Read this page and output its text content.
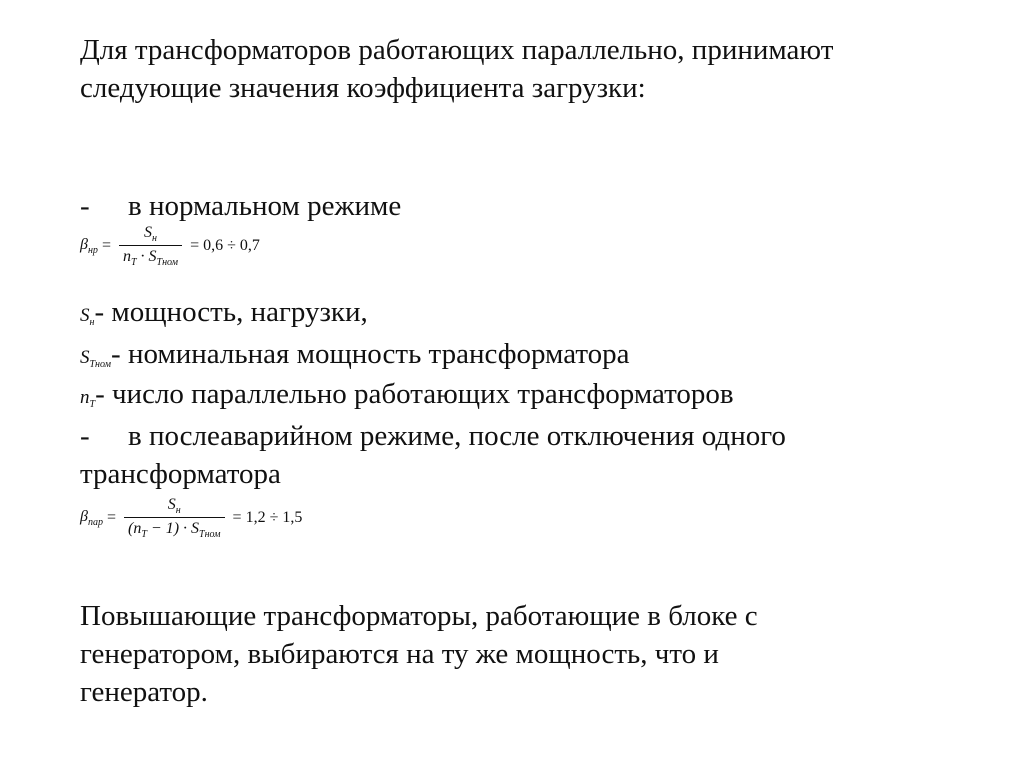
Для трансформаторов работающих параллельно, принимают
следующие значения коэффициента загрузки:
- в нормальном режиме
$\beta_{нр} = \frac{S_н}{n_Т \cdot S_{Тном}} = 0,6 \div 0,7$
$S_н-$ мощность, нагрузки,
$S_{Тном}-$ номинальная мощность трансформатора
$n_Т-$ число параллельно работающих трансформаторов
- в послеаварийном режиме, после отключения одного
трансформатора
$\beta_{пар} = \frac{S_н}{(n_Т - 1) \cdot S_{Тном}} = 1,2 \div 1,5$
Повышающие трансформаторы, работающие в блоке с
генератором, выбираются на ту же мощность, что и
генератор.
